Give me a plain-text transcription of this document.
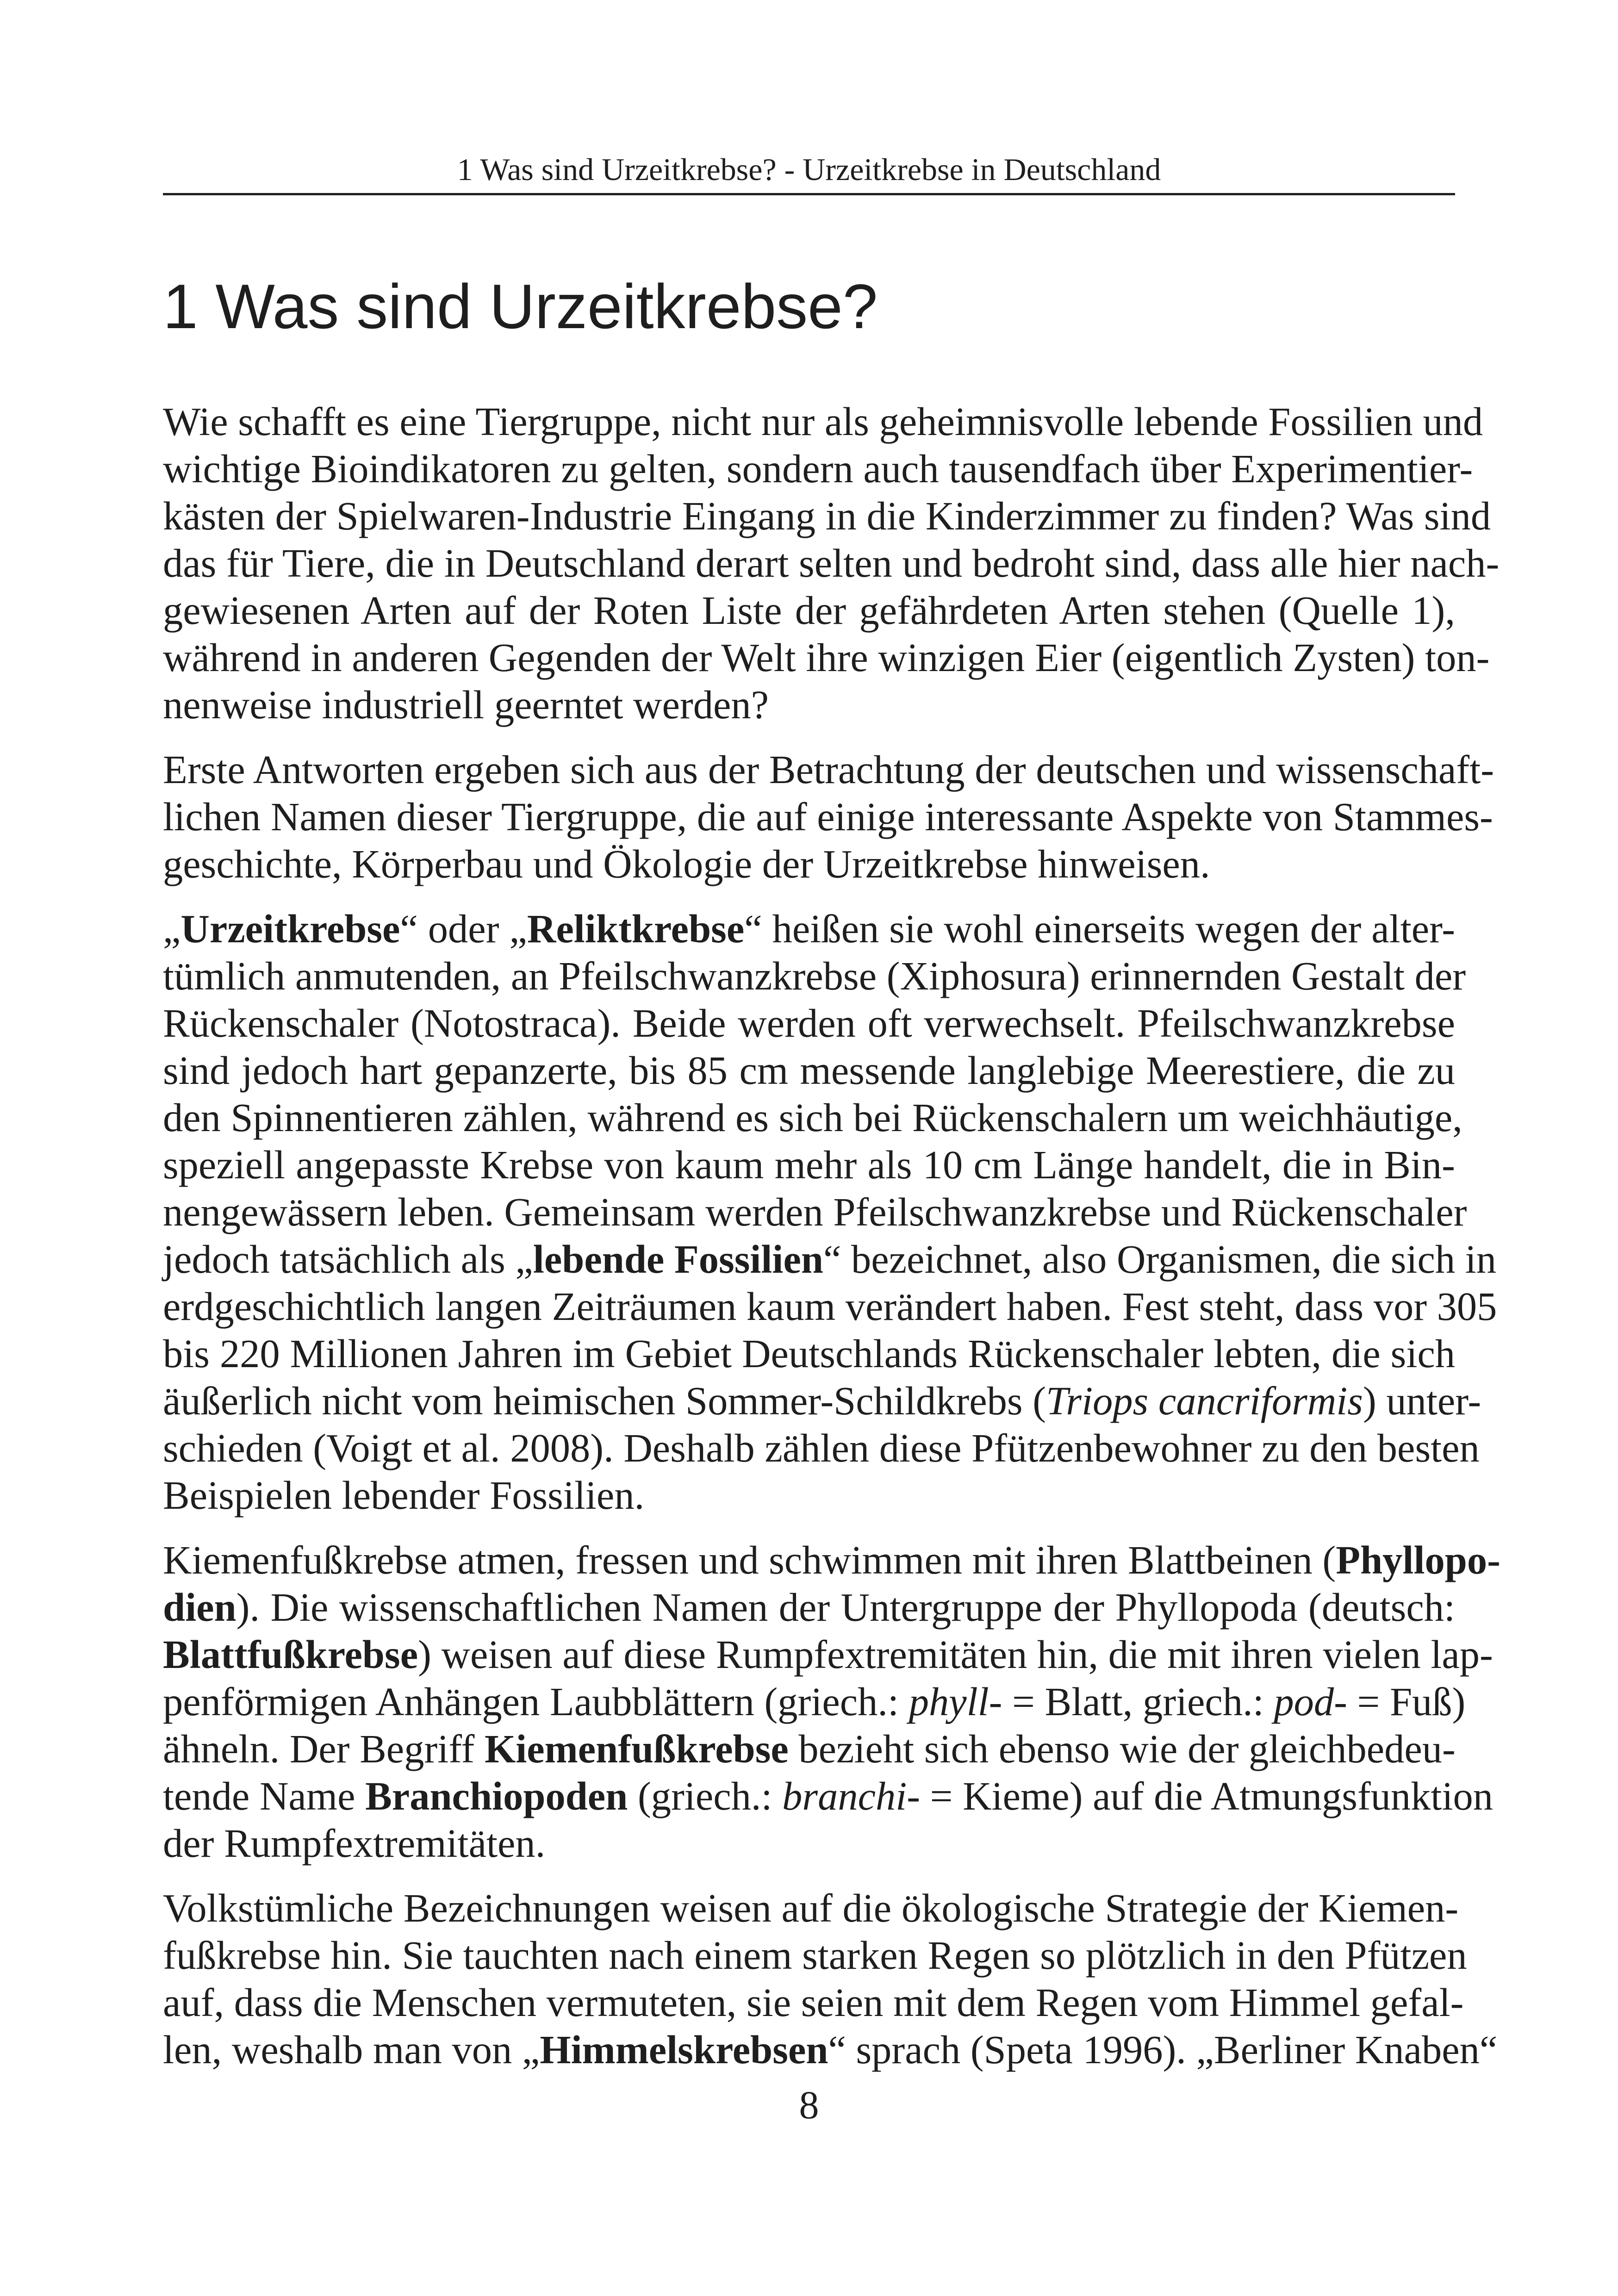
1 Was sind Urzeitkrebse? - Urzeitkrebse in Deutschland
1 Was sind Urzeitkrebse?
Wie schafft es eine Tiergruppe, nicht nur als geheimnisvolle lebende Fossilien und
wichtige Bioindikatoren zu gelten, sondern auch tausendfach über Experimentier-
kästen der Spielwaren-Industrie Eingang in die Kinderzimmer zu finden? Was sind
das für Tiere, die in Deutschland derart selten und bedroht sind, dass alle hier nach-
gewiesenen Arten auf der Roten Liste der gefährdeten Arten stehen (Quelle 1),
während in anderen Gegenden der Welt ihre winzigen Eier (eigentlich Zysten) ton-
nenweise industriell geerntet werden?
Erste Antworten ergeben sich aus der Betrachtung der deutschen und wissenschaft-
lichen Namen dieser Tiergruppe, die auf einige interessante Aspekte von Stammes-
geschichte, Körperbau und Ökologie der Urzeitkrebse hinweisen.
„Urzeitkrebse“ oder „Reliktkrebse“ heißen sie wohl einerseits wegen der alter-
tümlich anmutenden, an Pfeilschwanzkrebse (Xiphosura) erinnernden Gestalt der
Rückenschaler (Notostraca). Beide werden oft verwechselt. Pfeilschwanzkrebse
sind jedoch hart gepanzerte, bis 85 cm messende langlebige Meerestiere, die zu
den Spinnentieren zählen, während es sich bei Rückenschalern um weichhäutige,
speziell angepasste Krebse von kaum mehr als 10 cm Länge handelt, die in Bin-
nengewässern leben. Gemeinsam werden Pfeilschwanzkrebse und Rückenschaler
jedoch tatsächlich als „lebende Fossilien“ bezeichnet, also Organismen, die sich in
erdgeschichtlich langen Zeiträumen kaum verändert haben. Fest steht, dass vor 305
bis 220 Millionen Jahren im Gebiet Deutschlands Rückenschaler lebten, die sich
äußerlich nicht vom heimischen Sommer-Schildkrebs (Triops cancriformis) unter-
schieden (Voigt et al. 2008). Deshalb zählen diese Pfützenbewohner zu den besten
Beispielen lebender Fossilien.
Kiemenfußkrebse atmen, fressen und schwimmen mit ihren Blattbeinen (Phyllopo-
dien). Die wissenschaftlichen Namen der Untergruppe der Phyllopoda (deutsch:
Blattfußkrebse) weisen auf diese Rumpfextremitäten hin, die mit ihren vielen lap-
penförmigen Anhängen Laubblättern (griech.: phyll- = Blatt, griech.: pod- = Fuß)
ähneln. Der Begriff Kiemenfußkrebse bezieht sich ebenso wie der gleichbedeu-
tende Name Branchiopoden (griech.: branchi- = Kieme) auf die Atmungsfunktion
der Rumpfextremitäten.
Volkstümliche Bezeichnungen weisen auf die ökologische Strategie der Kiemen-
fußkrebse hin. Sie tauchten nach einem starken Regen so plötzlich in den Pfützen
auf, dass die Menschen vermuteten, sie seien mit dem Regen vom Himmel gefal-
len, weshalb man von „Himmelskrebsen“ sprach (Speta 1996). „Berliner Knaben“
8
